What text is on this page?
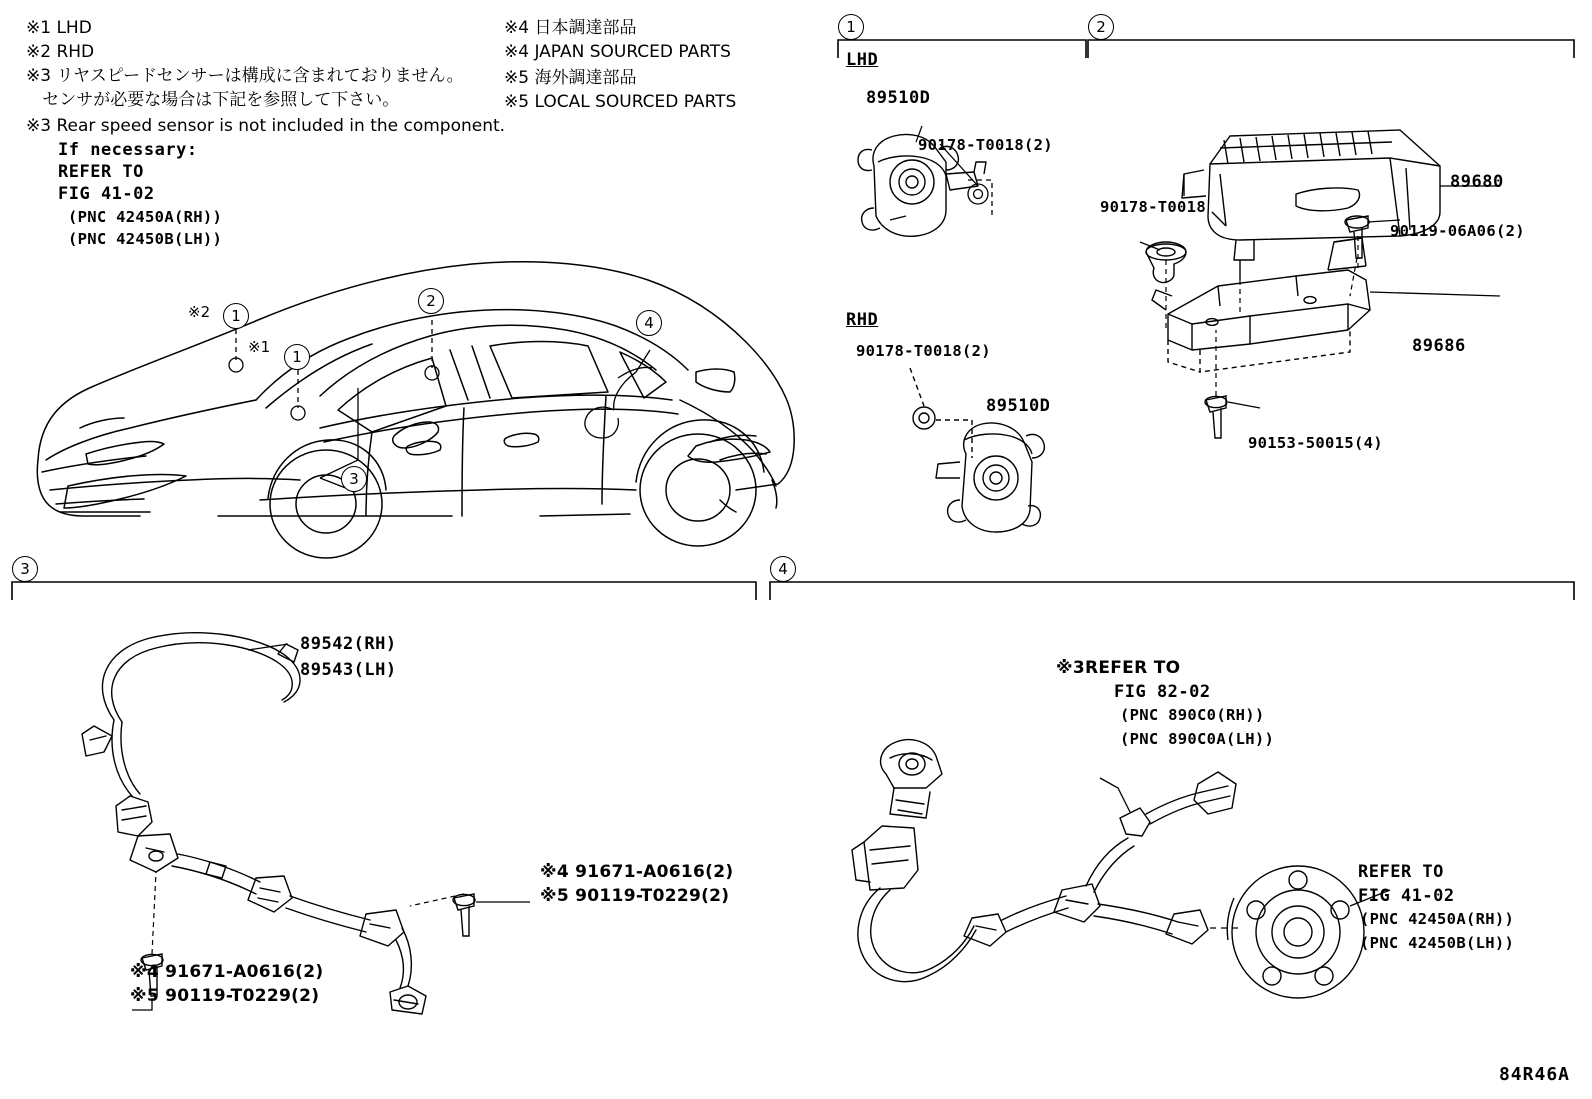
※1 LHD
※2 RHD
※3 リヤスピードセンサーは構成に含まれておりません。
センサが必要な場合は下記を参照して下さい。
※3 Rear speed sensor is not included in the component.
If necessary:
REFER TO
FIG 41-02
(PNC 42450A(RH))
(PNC 42450B(LH))
※4 日本調達部品
※4 JAPAN SOURCED PARTS
※5 海外調達部品
※5 LOCAL SOURCED PARTS
1
1
2
3
4
※2
※1
1
LHD
RHD
89510D
90178-T0018(2)
90178-T0018(2)
89510D
2
89680
90178-T0018
90119-06A06(2)
89686
90153-50015(4)
3
89542(RH)
89543(LH)
※4 91671-A0616(2)
※5 90119-T0229(2)
※4 91671-A0616(2)
※5 90119-T0229(2)
4
※3REFER TO
FIG 82-02
(PNC 890C0(RH))
(PNC 890C0A(LH))
REFER TO
FIG 41-02
(PNC 42450A(RH))
(PNC 42450B(LH))
84R46A
